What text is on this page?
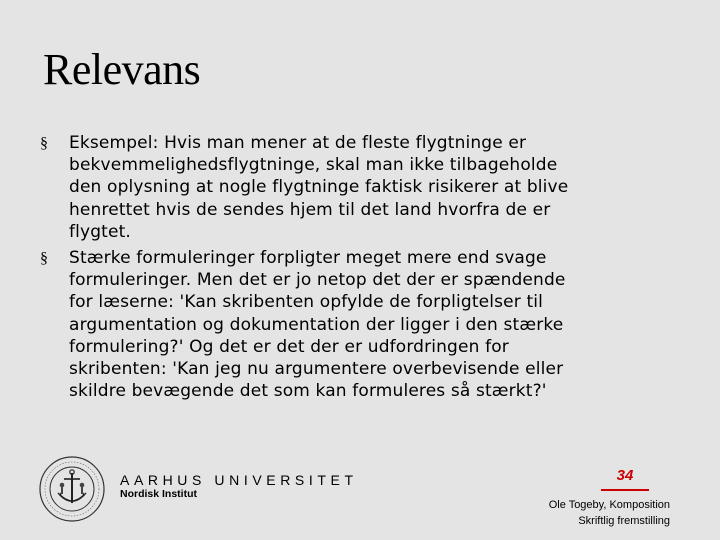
Relevans
§ Eksempel: Hvis man mener at de fleste flygtninge er
bekvemmelighedsflygtninge, skal man ikke tilbageholde
den oplysning at nogle flygtninge faktisk risikerer at blive
henrettet hvis de sendes hjem til det land hvorfra de er
flygtet.
§ Stærke formuleringer forpligter meget mere end svage
formuleringer. Men det er jo netop det der er spændende
for læserne: 'Kan skribenten opfylde de forpligtelser til
argumentation og dokumentation der ligger i den stærke
formulering?' Og det er det der er udfordringen for
skribenten: 'Kan jeg nu argumentere overbevisende eller
skildre bevægende det som kan formuleres så stærkt?'
AARHUS UNIVERSITET
Nordisk Institut
34
Ole Togeby, Komposition
Skriftlig fremstilling
